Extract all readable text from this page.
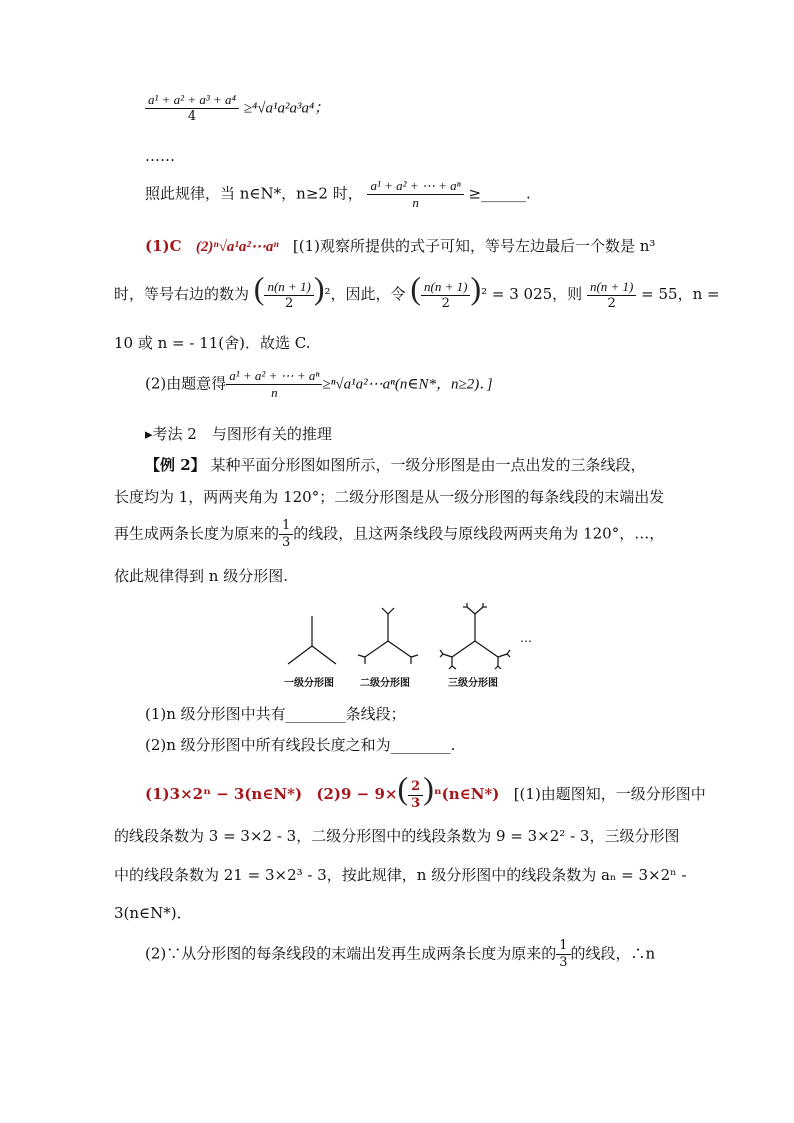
$\frac{\text{a¹ + a² + a³ + a⁴}}{4} \ge^4√a^1a^2a^3a^4$；
……
照此规律，当 n∈N*，n≥2 时， $\frac{\text{a¹ + a² + ⋯ + aⁿ}}{n}$ ≥______.
(1)C (2)ⁿ√a¹a²⋯aⁿ [(1)观察所提供的式子可知，等号左边最后一个数是 n³
时，等号右边的数为 ( $\frac{n(n + 1)}{2} )^2$，因此，令 ( $\frac{n(n + 1)}{2} )^2 = 3$ 025，则 $\frac{n(n + 1)}{2} = 55$，n =
10 或 n = - 11(舍)．故选 C.
(2)由题意得 $\frac{\text{a¹ + a² + ⋯ + aⁿ}}{n}$ ≥ⁿ√a¹a²⋯aⁿ(n∈N*，n≥2)．]
▸考法 2　与图形有关的推理
【例 2】 某种平面分形图如图所示，一级分形图是由一点出发的三条线段，
长度均为 1，两两夹角为 120°；二级分形图是从一级分形图的每条线段的末端出发
再生成两条长度为原来的 $\frac{1}{3}$ 的线段，且这两条线段与原线段两两夹角为 120°，…，
依此规律得到 n 级分形图.
…
一级分形图	二级分形图	三级分形图
(1)n 级分形图中共有________条线段；
(2)n 级分形图中所有线段长度之和为________.
(1)3×2ⁿ − 3(n∈N*) $(2)9 - 9\times( \frac{2}{3}$ )ⁿ(n∈N*) [(1)由题图知，一级分形图中
的线段条数为 3 = 3×2 - 3，二级分形图中的线段条数为 9 = 3×2² - 3，三级分形图
中的线段条数为 21 = 3×2³ - 3，按此规律，n 级分形图中的线段条数为 aₙ = 3×2ⁿ -
3(n∈N*)．
(2)∵从分形图的每条线段的末端出发再生成两条长度为原来的 $\frac{1}{3}$ 的线段，∴n
